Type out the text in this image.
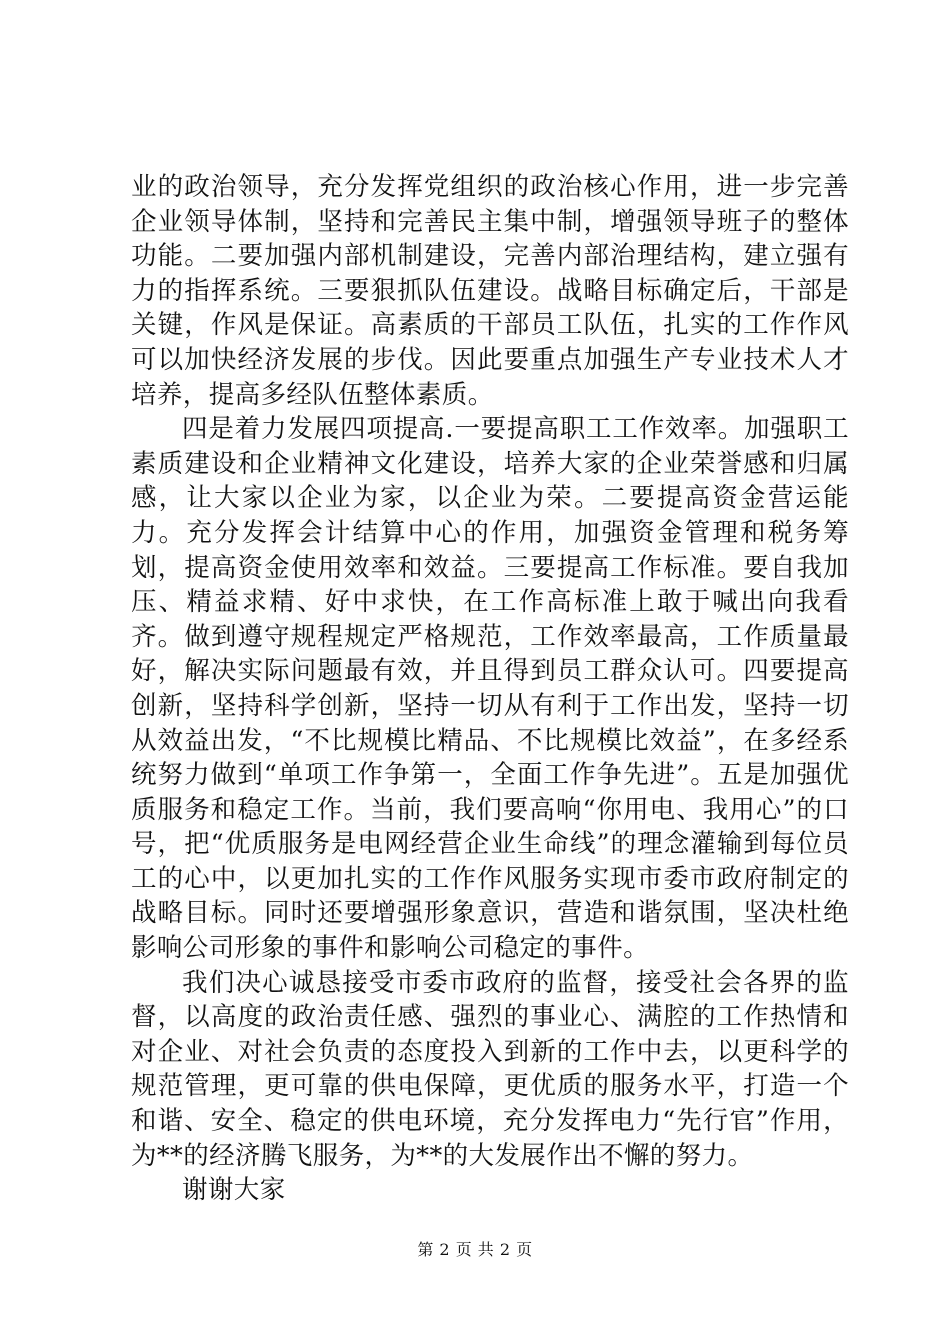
业的政治领导，充分发挥党组织的政治核心作用，进一步完善企业领导体制，坚持和完善民主集中制，增强领导班子的整体功能。二要加强内部机制建设，完善内部治理结构，建立强有力的指挥系统。三要狠抓队伍建设。战略目标确定后，干部是关键，作风是保证。高素质的干部员工队伍，扎实的工作作风可以加快经济发展的步伐。因此要重点加强生产专业技术人才培养，提高多经队伍整体素质。

四是着力发展四项提高.一要提高职工工作效率。加强职工素质建设和企业精神文化建设，培养大家的企业荣誉感和归属感，让大家以企业为家，以企业为荣。二要提高资金营运能力。充分发挥会计结算中心的作用，加强资金管理和税务筹划，提高资金使用效率和效益。三要提高工作标准。要自我加压、精益求精、好中求快，在工作高标准上敢于喊出向我看齐。做到遵守规程规定严格规范，工作效率最高，工作质量最好，解决实际问题最有效，并且得到员工群众认可。四要提高创新，坚持科学创新，坚持一切从有利于工作出发，坚持一切从效益出发，“不比规模比精品、不比规模比效益”，在多经系统努力做到“单项工作争第一，全面工作争先进”。五是加强优质服务和稳定工作。当前，我们要高响“你用电、我用心”的口号，把“优质服务是电网经营企业生命线”的理念灌输到每位员工的心中，以更加扎实的工作作风服务实现市委市政府制定的战略目标。同时还要增强形象意识，营造和谐氛围，坚决杜绝影响公司形象的事件和影响公司稳定的事件。

我们决心诚恳接受市委市政府的监督，接受社会各界的监督，以高度的政治责任感、强烈的事业心、满腔的工作热情和对企业、对社会负责的态度投入到新的工作中去，以更科学的规范管理，更可靠的供电保障，更优质的服务水平，打造一个和谐、安全、稳定的供电环境，充分发挥电力“先行官”作用，为**的经济腾飞服务，为**的大发展作出不懈的努力。

谢谢大家

第 2 页 共 2 页
